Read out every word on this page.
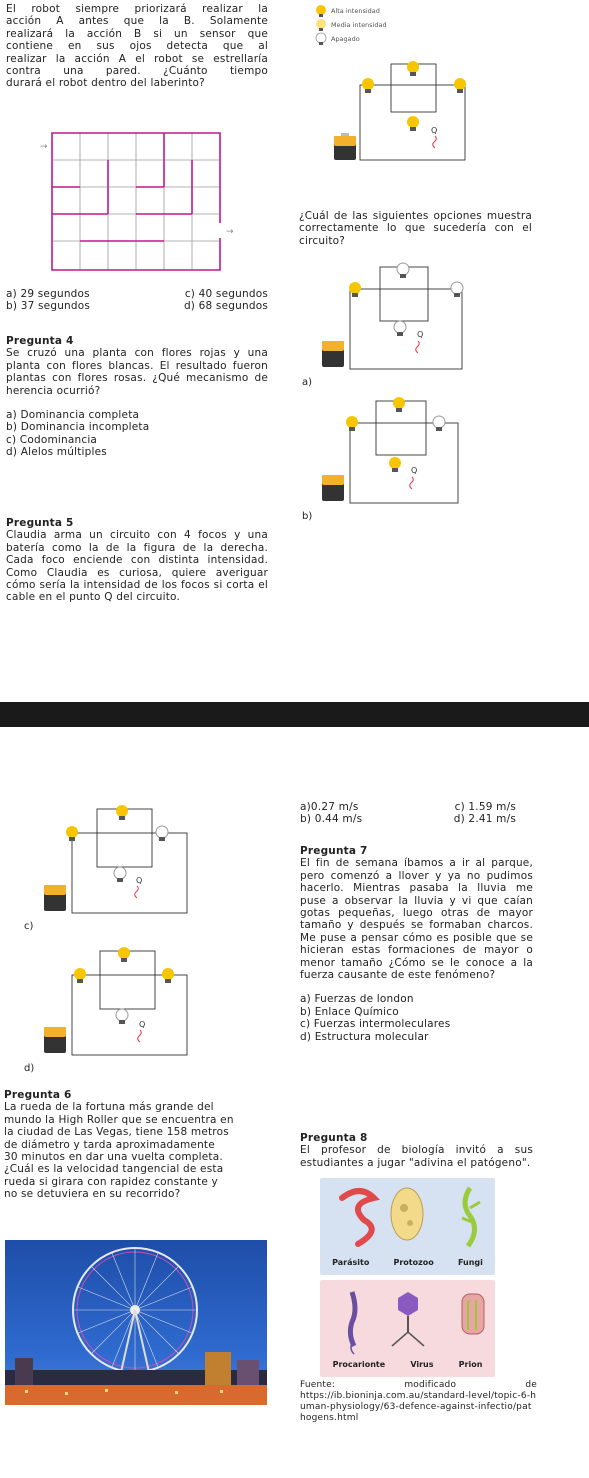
El robot siempre priorizará realizar la
acción A antes que la B. Solamente
realizará la acción B si un sensor que
contiene en sus ojos detecta que al
realizar la acción A el robot se estrellaría
contra una pared. ¿Cuánto tiempo
durará el robot dentro del laberinto?
→
→
a) 29 segundos	c) 40 segundos
b) 37 segundos	d) 68 segundos

Pregunta 4

Se cruzó una planta con flores rojas y una planta con flores blancas. El resultado fueron plantas con flores rosas. ¿Qué mecanismo de herencia ocurrió?

a) Dominancia completa
b) Dominancia incompleta
c) Codominancia
d) Alelos múltiples

Pregunta 5

Claudia arma un circuito con 4 focos y una batería como la de la figura de la derecha. Cada foco enciende con distinta intensidad. Como Claudia es curiosa, quiere averiguar cómo sería la intensidad de los focos si corta el cable en el punto Q del circuito.

Alta intensidad
Media intensidad
Apagado
Q

¿Cuál de las siguientes opciones muestra correctamente lo que sucedería con el circuito?

Q
a)
Q
b)
Q
c)
Q
d)

Pregunta 6

La rueda de la fortuna más grande del
mundo la High Roller que se encuentra en
la ciudad de Las Vegas, tiene 158 metros
de diámetro y tarda aproximadamente
30 minutos en dar una vuelta completa.
¿Cuál es la velocidad tangencial de esta
rueda si girara con rapidez constante y
no se detuviera en su recorrido?
a)0.27 m/s	c) 1.59 m/s
b) 0.44 m/s	d) 2.41 m/s

Pregunta 7

El fin de semana íbamos a ir al parque, pero comenzó a llover y ya no pudimos hacerlo. Mientras pasaba la lluvia me puse a observar la lluvia y vi que caían gotas pequeñas, luego otras de mayor tamaño y después se formaban charcos. Me puse a pensar cómo es posible que se hicieran estas formaciones de mayor o menor tamaño ¿Cómo se le conoce a la fuerza causante de este fenómeno?

a) Fuerzas de london
b) Enlace Químico
c) Fuerzas intermoleculares
d) Estructura molecular

Pregunta 8

El profesor de biología invitó a sus estudiantes a jugar "adivina el patógeno".

Parásito	Protozoo	Fungi
Procarionte	Virus	Prion
Fuente:	modificado	de
https://ib.bioninja.com.au/standard-level/topic-6-human-physiology/63-defence-against-infectio/pathogens.html
